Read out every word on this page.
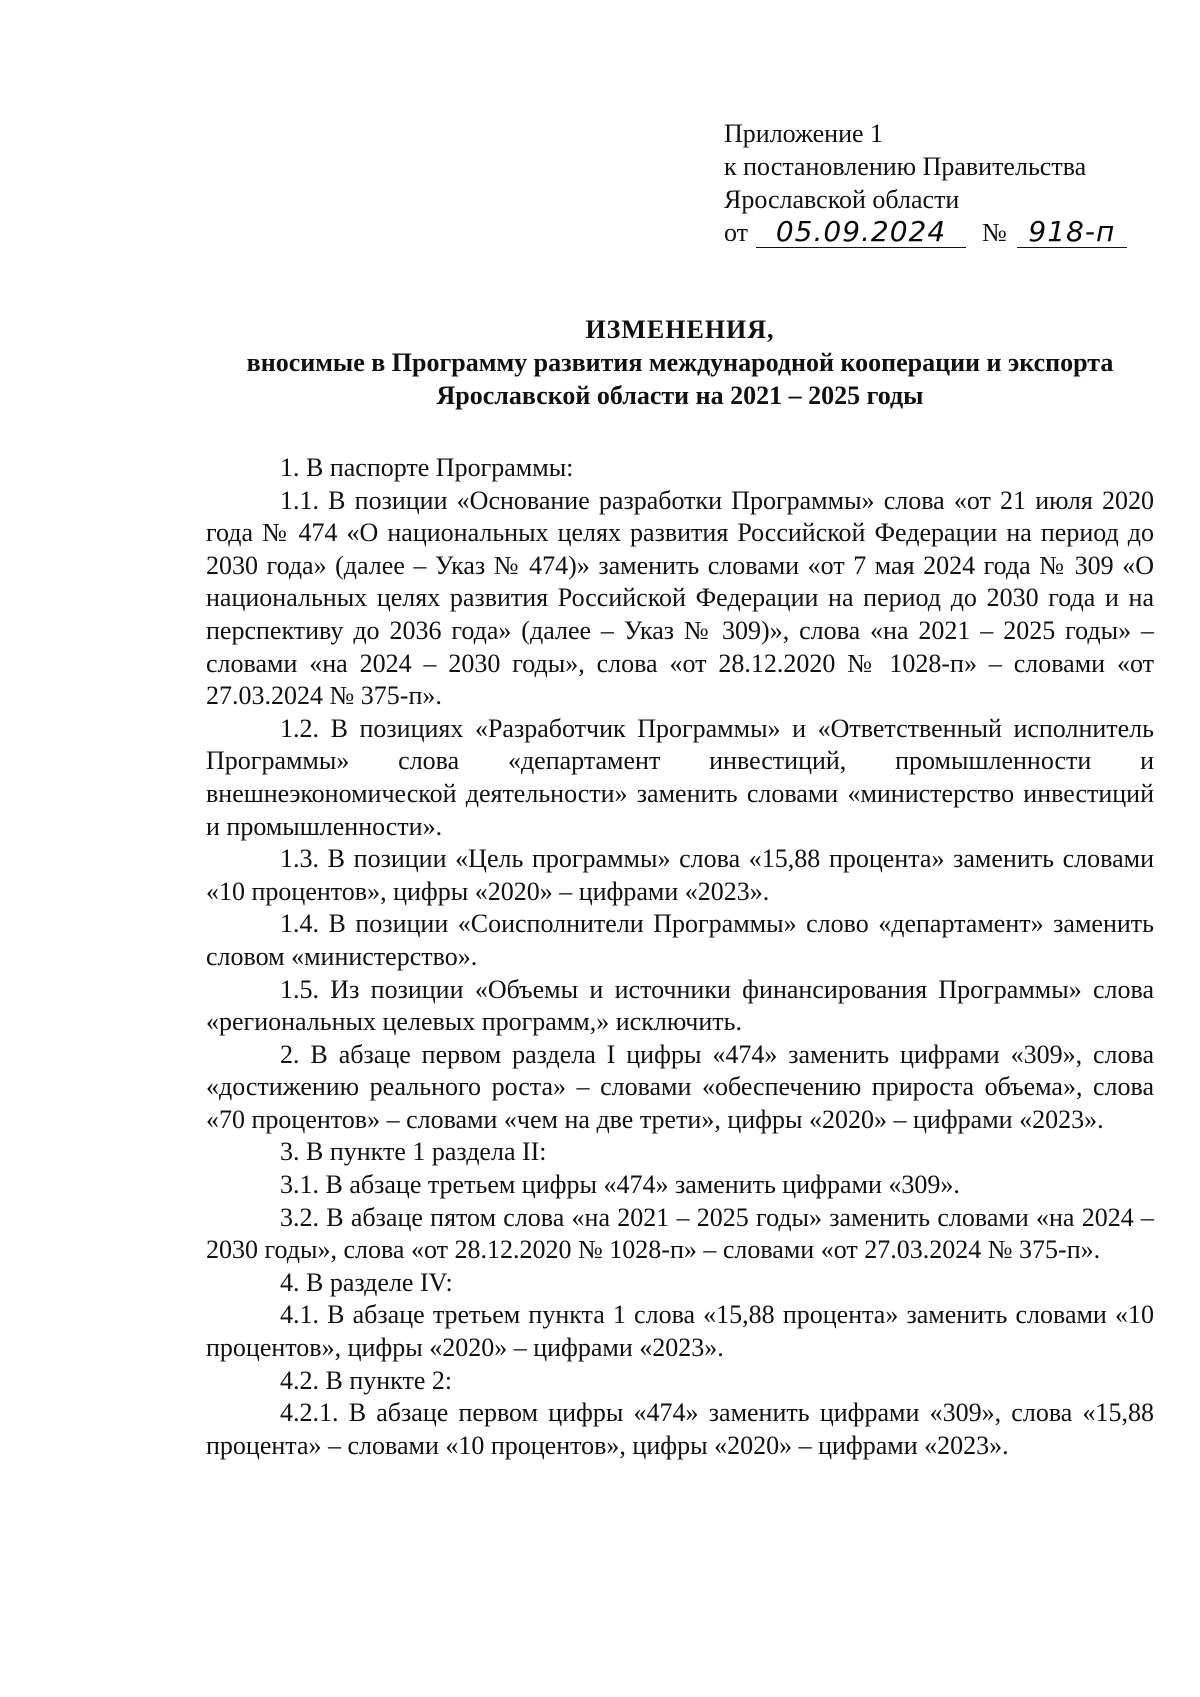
Приложение 1
к постановлению Правительства
Ярославской области
от 05.09.2024	№ 918-п
ИЗМЕНЕНИЯ,
вносимые в Программу развития международной кооперации и экспорта
Ярославской области на 2021 – 2025 годы

1. В паспорте Программы:

1.1. В позиции «Основание разработки Программы» слова «от 21 июля 2020 года № 474 «О национальных целях развития Российской Федерации на период до 2030 года» (далее – Указ № 474)» заменить словами «от 7 мая 2024 года № 309 «О национальных целях развития Российской Федерации на период до 2030 года и на перспективу до 2036 года» (далее – Указ № 309)», слова «на 2021 – 2025 годы» – словами «на 2024 – 2030 годы», слова «от 28.12.2020 № 1028-п» – словами «от 27.03.2024 № 375-п».

1.2. В позициях «Разработчик Программы» и «Ответственный исполнитель Программы» слова «департамент инвестиций, промышленности и внешнеэкономической деятельности» заменить словами «министерство инвестиций и промышленности».

1.3. В позиции «Цель программы» слова «15,88 процента» заменить словами «10 процентов», цифры «2020» – цифрами «2023».

1.4. В позиции «Соисполнители Программы» слово «департамент» заменить словом «министерство».

1.5. Из позиции «Объемы и источники финансирования Программы» слова «региональных целевых программ,» исключить.

2. В абзаце первом раздела I цифры «474» заменить цифрами «309», слова «достижению реального роста» – словами «обеспечению прироста объема», слова «70 процентов» – словами «чем на две трети», цифры «2020» – цифрами «2023».

3. В пункте 1 раздела II:

3.1. В абзаце третьем цифры «474» заменить цифрами «309».

3.2. В абзаце пятом слова «на 2021 – 2025 годы» заменить словами «на 2024 – 2030 годы», слова «от 28.12.2020 № 1028-п» – словами «от 27.03.2024 № 375-п».

4. В разделе IV:

4.1. В абзаце третьем пункта 1 слова «15,88 процента» заменить словами «10 процентов», цифры «2020» – цифрами «2023».

4.2. В пункте 2:

4.2.1. В абзаце первом цифры «474» заменить цифрами «309», слова «15,88 процента» – словами «10 процентов», цифры «2020» – цифрами «2023».
